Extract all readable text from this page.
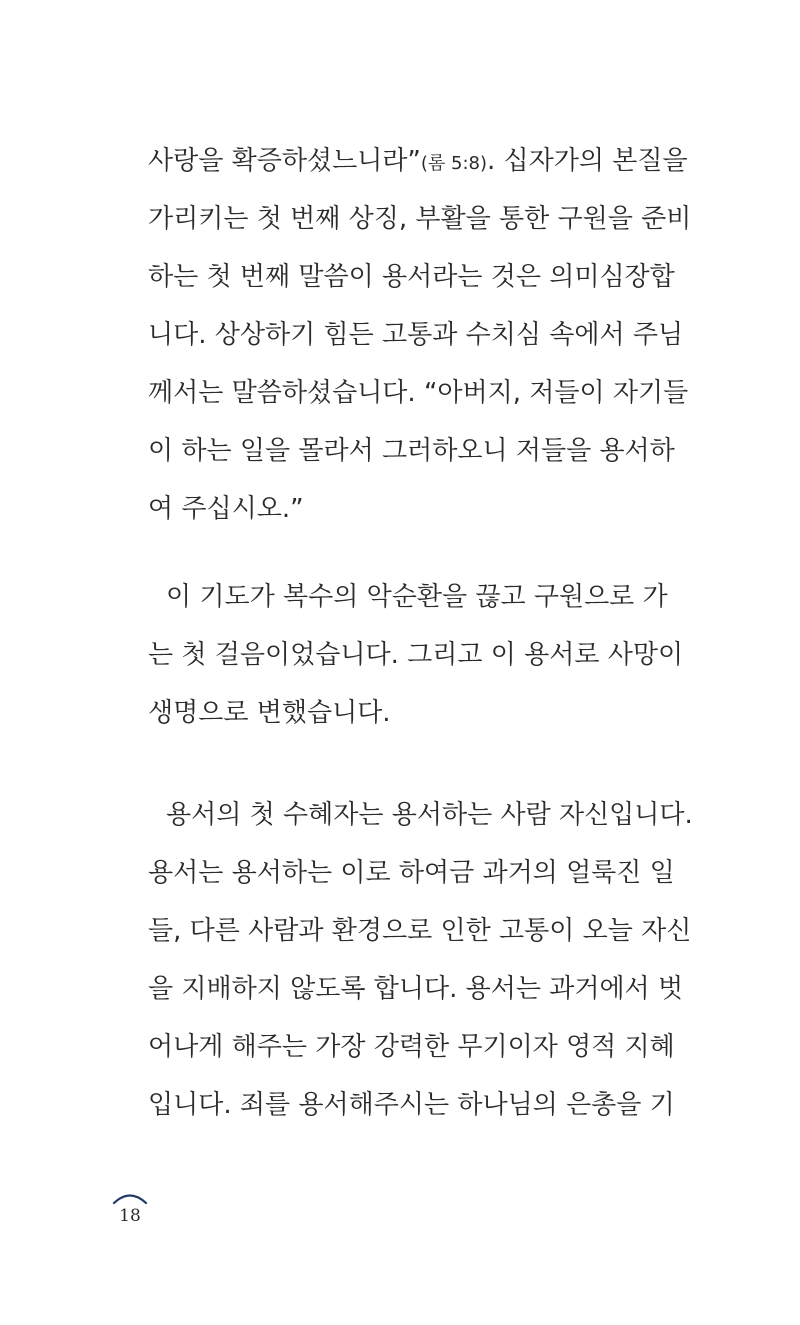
사랑을 확증하셨느니라”(롬 5:8). 십자가의 본질을
가리키는 첫 번째 상징, 부활을 통한 구원을 준비
하는 첫 번째 말씀이 용서라는 것은 의미심장합
니다. 상상하기 힘든 고통과 수치심 속에서 주님
께서는 말씀하셨습니다. “아버지, 저들이 자기들
이 하는 일을 몰라서 그러하오니 저들을 용서하
여 주십시오.”
이 기도가 복수의 악순환을 끊고 구원으로 가
는 첫 걸음이었습니다. 그리고 이 용서로 사망이
생명으로 변했습니다.
용서의 첫 수혜자는 용서하는 사람 자신입니다.
용서는 용서하는 이로 하여금 과거의 얼룩진 일
들, 다른 사람과 환경으로 인한 고통이 오늘 자신
을 지배하지 않도록 합니다. 용서는 과거에서 벗
어나게 해주는 가장 강력한 무기이자 영적 지혜
입니다. 죄를 용서해주시는 하나님의 은총을 기
18
